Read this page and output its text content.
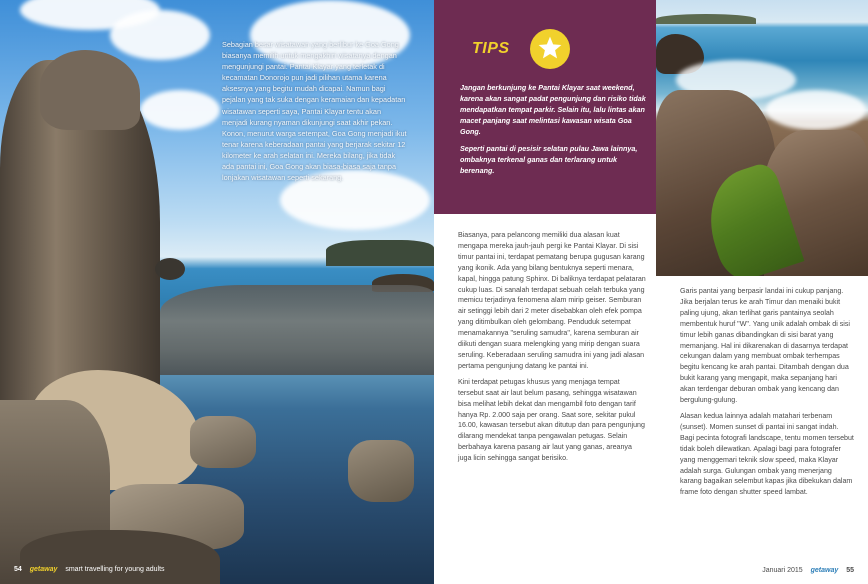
Sebagian besar wisatawan yang berlibur ke Goa Gong biasanya memilih untuk mengakhiri wisatanya dengan mengunjungi pantai. Pantai Klayar yang terletak di kecamatan Donorojo pun jadi pilihan utama karena aksesnya yang begitu mudah dicapai. Namun bagi pejalan yang tak suka dengan keramaian dan kepadatan wisatawan seperti saya, Pantai Klayar tentu akan menjadi kurang nyaman dikunjungi saat akhir pekan. Konon, menurut warga setempat, Goa Gong menjadi ikut tenar karena keberadaan pantai yang berjarak sekitar 12 kilometer ke arah selatan ini. Mereka bilang, jika tidak ada pantai ini, Goa Gong akan biasa-biasa saja tanpa lonjakan wisatawan seperti sekarang.
TIPS

Jangan berkunjung ke Pantai Klayar saat weekend, karena akan sangat padat pengunjung dan risiko tidak mendapatkan tempat parkir. Selain itu, lalu lintas akan macet panjang saat melintasi kawasan wisata Goa Gong.

Seperti pantai di pesisir selatan pulau Jawa lainnya, ombaknya terkenal ganas dan terlarang untuk berenang.

Biasanya, para pelancong memiliki dua alasan kuat mengapa mereka jauh-jauh pergi ke Pantai Klayar. Di sisi timur pantai ini, terdapat pematang berupa gugusan karang yang ikonik. Ada yang bilang bentuknya seperti menara, kapal, hingga patung Sphinx. Di baliknya terdapat pelataran cukup luas. Di sanalah terdapat sebuah celah terbuka yang memicu terjadinya fenomena alam mirip geiser. Semburan air setinggi lebih dari 2 meter disebabkan oleh efek pompa yang ditimbulkan oleh gelombang. Penduduk setempat menamakannya "seruling samudra", karena semburan air diikuti dengan suara melengking yang mirip dengan suara seruling. Keberadaan seruling samudra ini yang jadi alasan pertama pengunjung datang ke pantai ini.

Kini terdapat petugas khusus yang menjaga tempat tersebut saat air laut belum pasang, sehingga wisatawan bisa melihat lebih dekat dan mengambil foto dengan tarif hanya Rp. 2.000 saja per orang. Saat sore, sekitar pukul 16.00, kawasan tersebut akan ditutup dan para pengunjung dilarang mendekat tanpa pengawalan petugas. Selain berbahaya karena pasang air laut yang ganas, areanya juga licin sehingga sangat berisiko.

Garis pantai yang berpasir landai ini cukup panjang. Jika berjalan terus ke arah Timur dan menaiki bukit paling ujung, akan terlihat garis pantainya seolah membentuk huruf "W". Yang unik adalah ombak di sisi timur lebih ganas dibandingkan di sisi barat yang memanjang. Hal ini dikarenakan di dasarnya terdapat cekungan dalam yang membuat ombak terhempas begitu kencang ke arah pantai. Ditambah dengan dua bukit karang yang mengapit, maka sepanjang hari akan terdengar deburan ombak yang kencang dan bergulung-gulung.

Alasan kedua lainnya adalah matahari terbenam (sunset). Momen sunset di pantai ini sangat indah. Bagi pecinta fotografi landscape, tentu momen tersebut tidak boleh dilewatkan. Apalagi bagi para fotografer yang menggemari teknik slow speed, maka Klayar adalah surga. Gulungan ombak yang menerjang karang bagaikan selembut kapas jika dibekukan dalam frame foto dengan shutter speed lambat.

54 getaway smart travelling for young adults	Januari 2015 getaway 55
